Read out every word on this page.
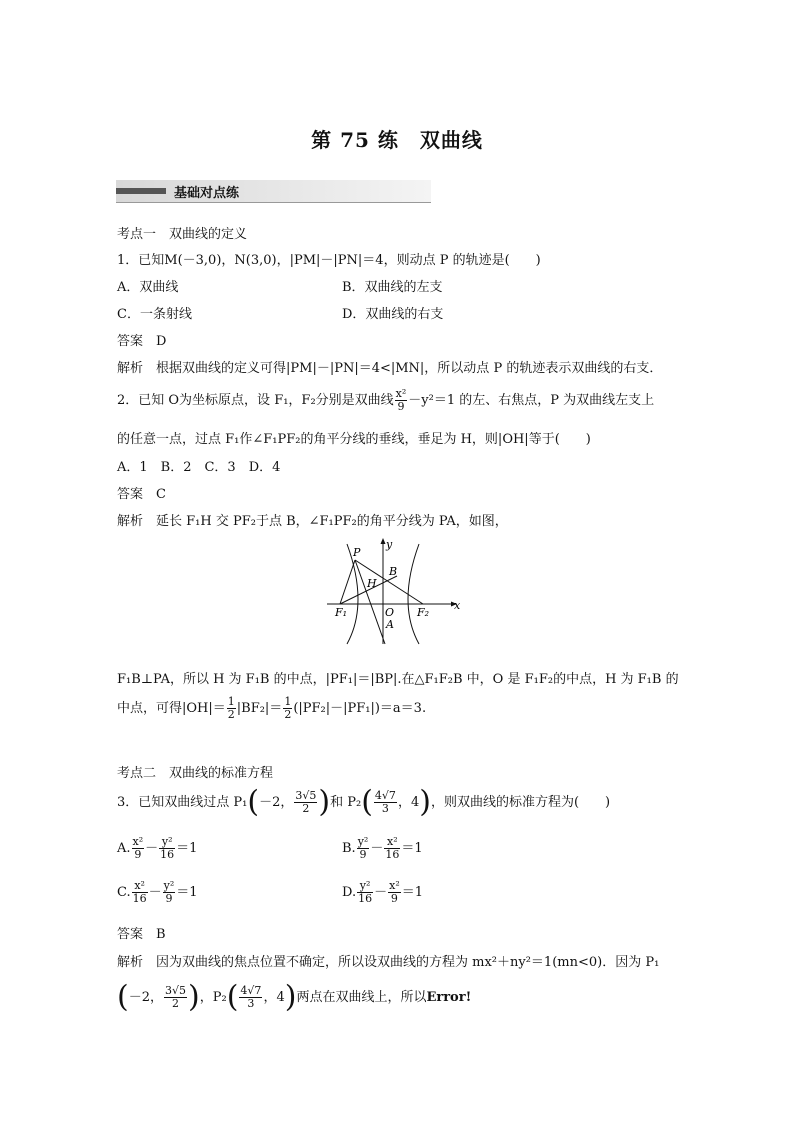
第 75 练　双曲线
基础对点练
考点一　双曲线的定义
1．已知M(－3,0)，N(3,0)，|PM|－|PN|＝4，则动点 P 的轨迹是(　　)
A．双曲线	B．双曲线的左支
C．一条射线	D．双曲线的右支
答案　D
解析　根据双曲线的定义可得|PM|－|PN|＝4<|MN|，所以动点 P 的轨迹表示双曲线的右支．
2．已知 O为坐标原点，设 F₁，F₂分别是双曲线 $\frac{\text{x²}}{9} -y^2=1$ 的左、右焦点，P 为双曲线左支上
的任意一点，过点 F₁作∠F₁PF₂的角平分线的垂线，垂足为 H，则|OH|等于(　　)
A．1　B．2　C．3　D．4
答案　C
解析　延长 F₁H 交 PF₂于点 B，∠F₁PF₂的角平分线为 PA，如图，
P
y
H
B
F₁	O F₂
x
A
F₁B⊥PA，所以 H 为 F₁B 的中点，|PF₁|＝|BP|.在△F₁F₂B 中，O 是 F₁F₂的中点，H 为 F₁B 的
中点，可得$|OH|= \frac{1}{2} |BF_2|= \frac{1}{2} (|PF_2|-|PF_1|)=a=3$.
考点二　双曲线的标准方程
3．已知双曲线过点 P₁(－2， $\frac{3√5}{2}$ )和 $P_2( \frac{4√7}{3}$ ，4)，则双曲线的标准方程为(　　)
A. $\frac{\text{x²}}{9} - \frac{\text{y²}}{16} =1$	B. $\frac{\text{y²}}{9} - \frac{\text{x²}}{16} =1$
C. $\frac{\text{x²}}{16} - \frac{\text{y²}}{9} =1$	D. $\frac{\text{y²}}{16} - \frac{\text{x²}}{9} =1$
答案　B
解析　因为双曲线的焦点位置不确定，所以设双曲线的方程为 mx²＋ny²＝1(mn<0)．因为 P₁
(－2， $\frac{3√5}{2}$ )，$P_2( \frac{4√7}{3}$ ，4)两点在双曲线上，所以Error!
